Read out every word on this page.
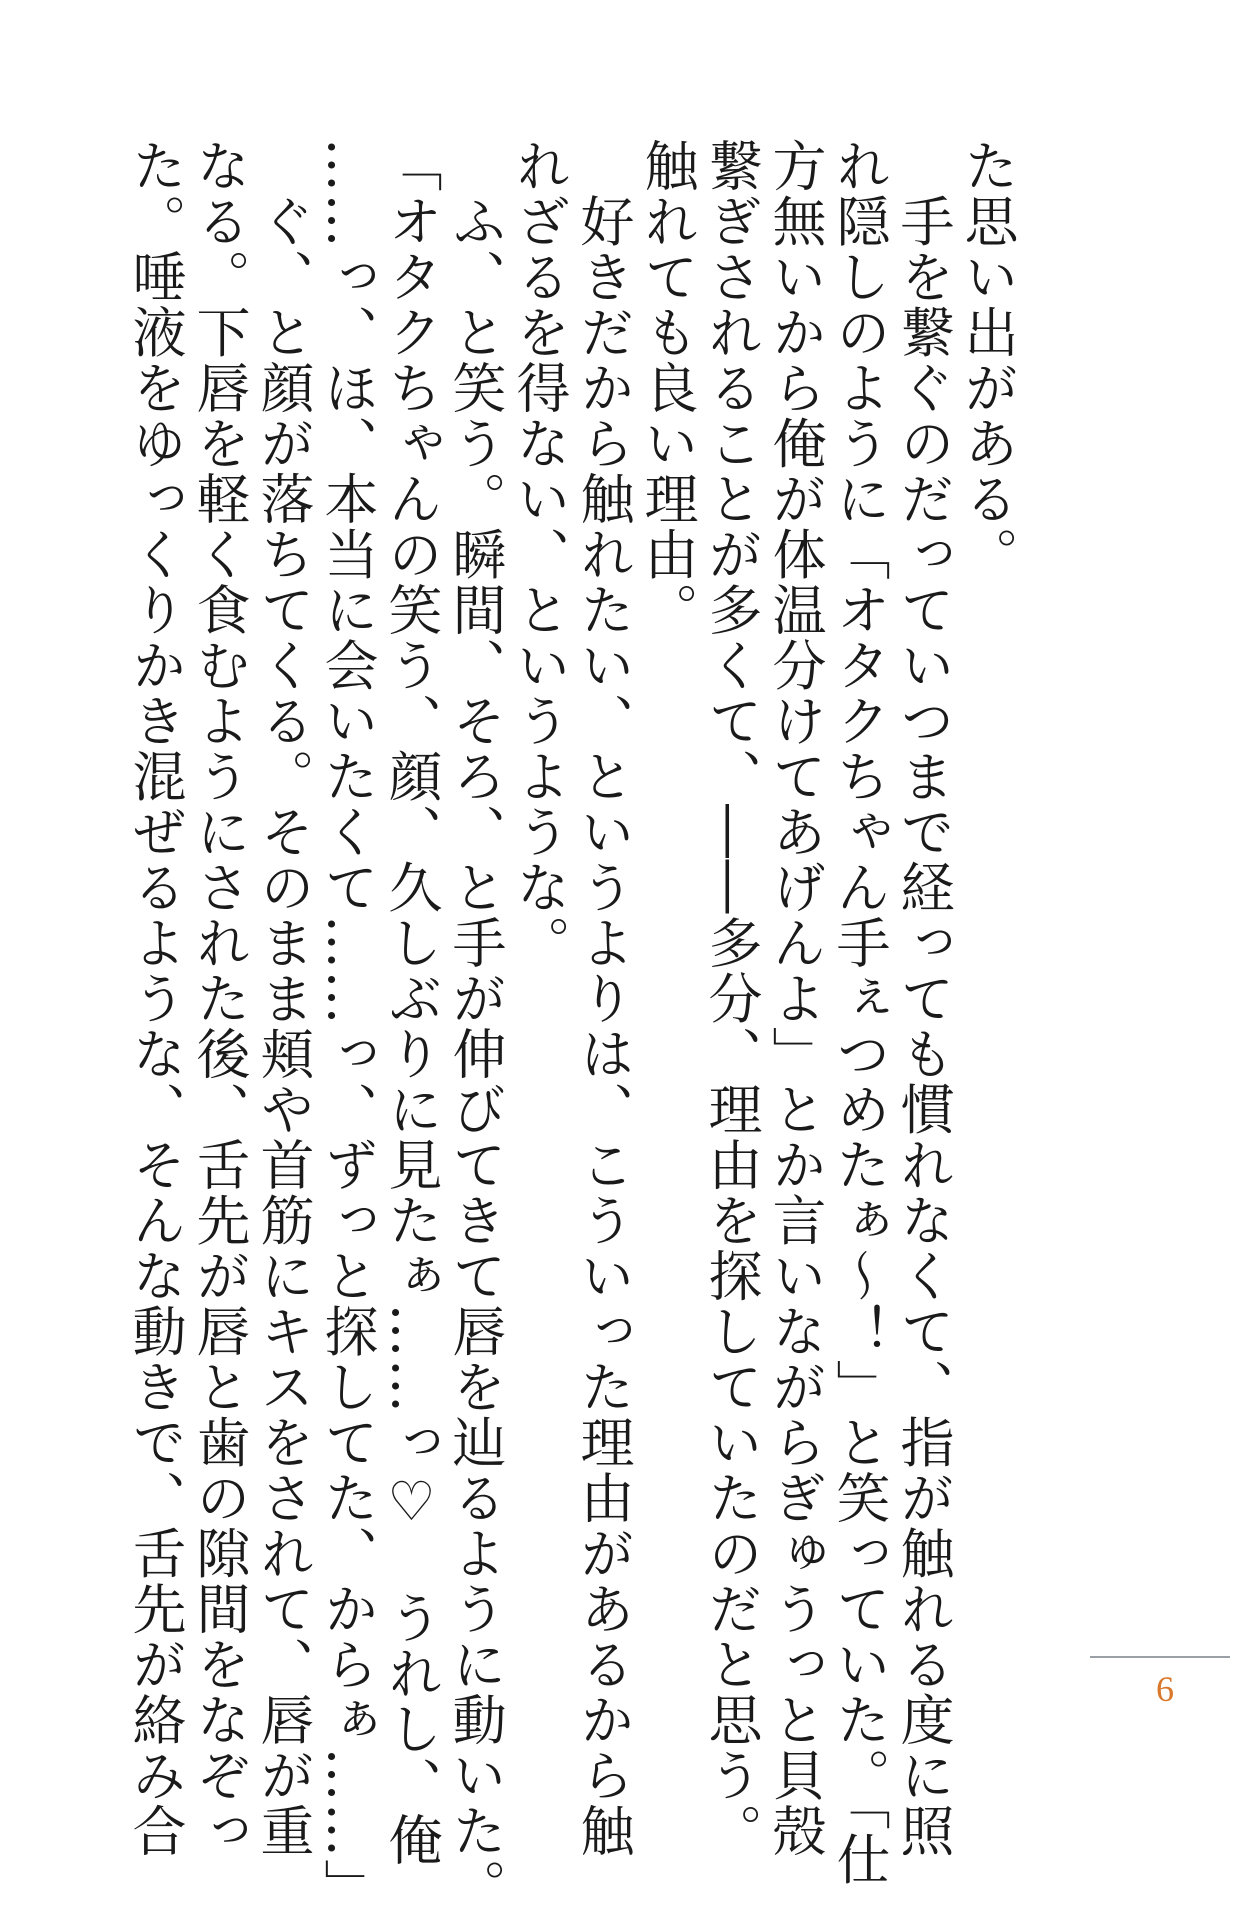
た思い出がある。
　手を繋ぐのだっていつまで経っても慣れなくて、指が触れる度に照
れ隠しのように「オタクちゃん手ぇつめたぁ〜！」と笑っていた。「仕
方無いから俺が体温分けてあげんよ」とか言いながらぎゅうっと貝殻
繋ぎされることが多くて、――多分、理由を探していたのだと思う。
触れても良い理由。
　好きだから触れたい、というよりは、こういった理由があるから触
れざるを得ない、というような。
　ふ、と笑う。瞬間、そろ、と手が伸びてきて唇を辿るように動いた。
「オタクちゃんの笑う、顔、久しぶりに見たぁ……っ♡　うれし、俺
……っ、ほ、本当に会いたくて……っ、ずっと探してた、からぁ……」
　ぐ、と顔が落ちてくる。そのまま頬や首筋にキスをされて、唇が重
なる。下唇を軽く食むようにされた後、舌先が唇と歯の隙間をなぞっ
た。唾液をゆっくりかき混ぜるような、そんな動きで、舌先が絡み合	6
